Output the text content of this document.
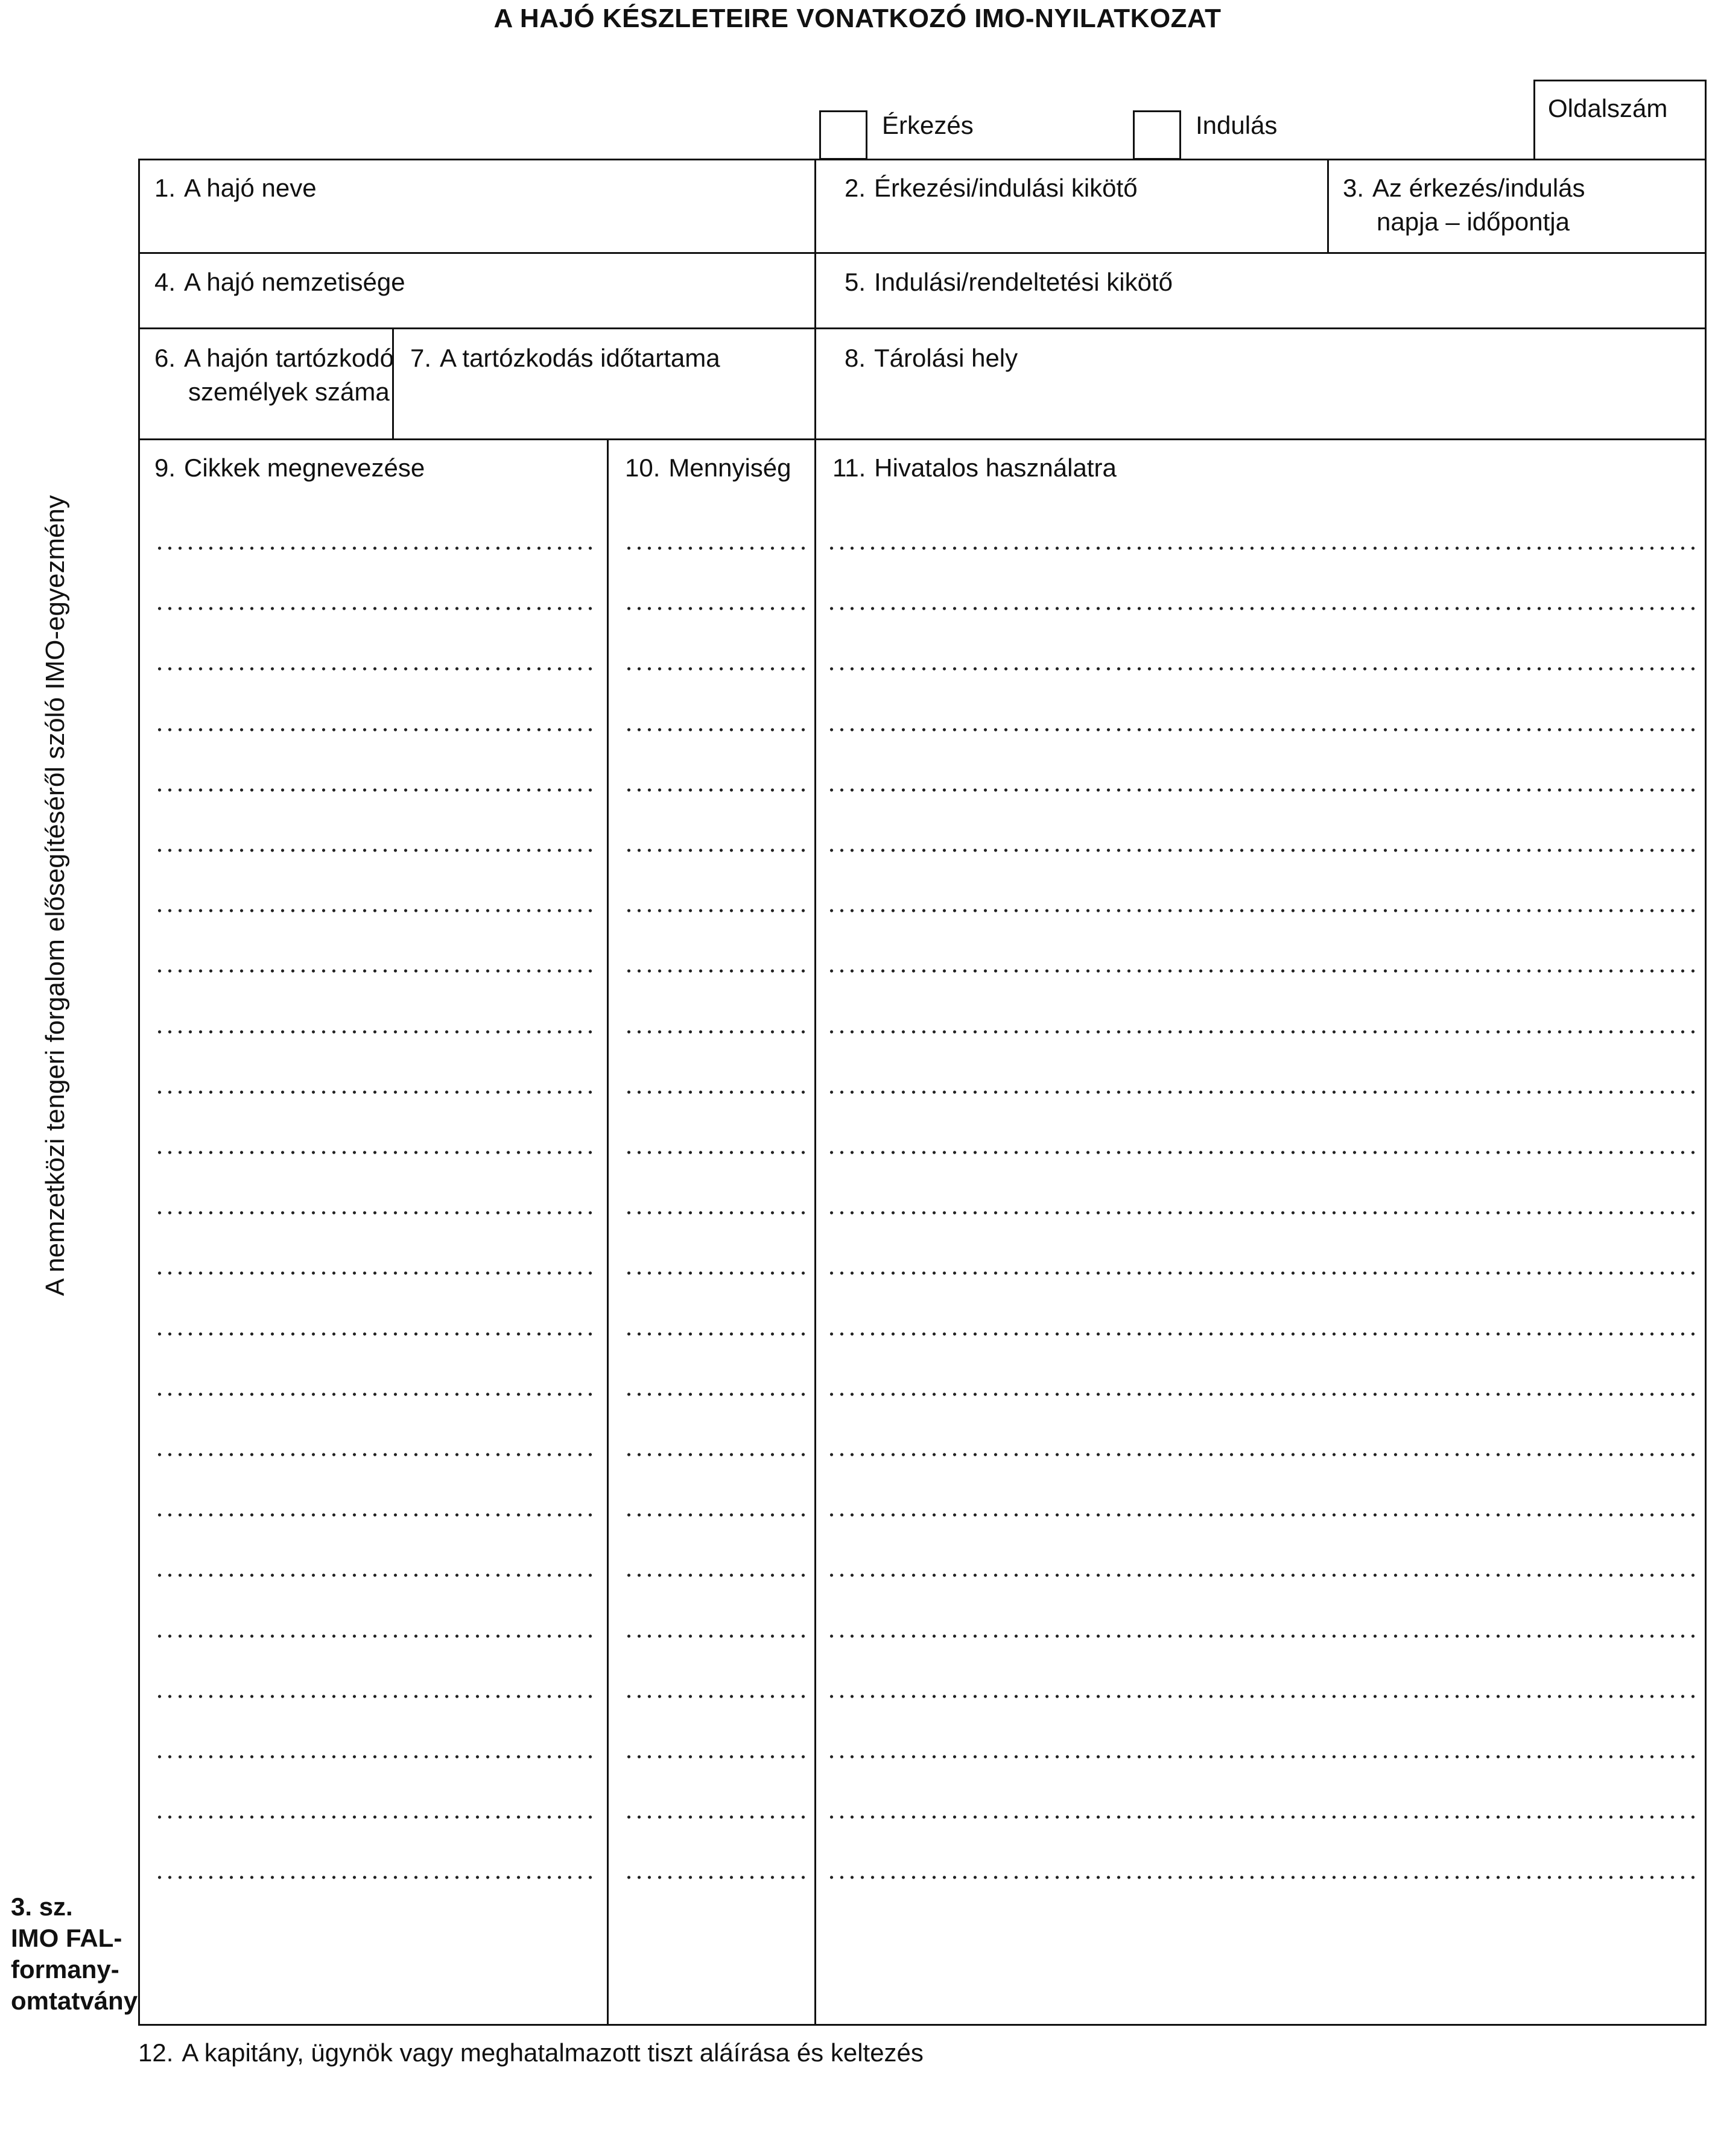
A HAJÓ KÉSZLETEIRE VONATKOZÓ IMO-NYILATKOZAT
Érkezés	Indulás
Oldalszám
1. A hajó neve	2. Érkezési/indulási kikötő	3. Az érkezés/indulás
napja – időpontja
4. A hajó nemzetisége	5. Indulási/rendeltetési kikötő
6. A hajón tartózkodó
személyek száma
7. A tartózkodás időtartama	8. Tárolási hely
9. Cikkek megnevezése	10. Mennyiség 11. Hivatalos használatra
12. A kapitány, ügynök vagy meghatalmazott tiszt aláírása és keltezés
A nemzetközi tengeri forgalom elősegítéséről szóló IMO-egyezmény
3. sz.
IMO FAL-
formany-
omtatvány
